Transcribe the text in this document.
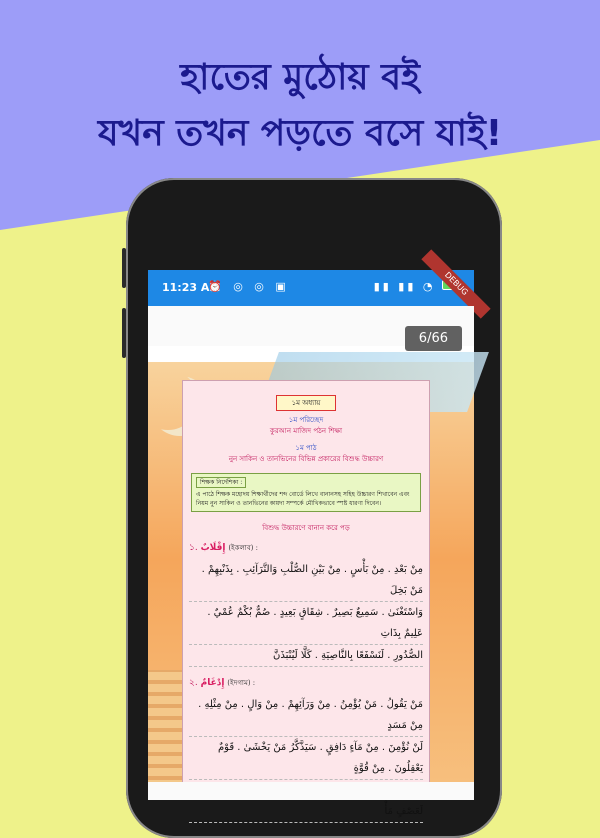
হাতের মুঠোয় বই
যখন তখন পড়তে বসে যাই!
11:23 AM
⏰ ◎ ◎ ▣	▮▮ ▮▮ ◔ DEBUG
6/66
১ম অধ্যায়
১ম পরিচ্ছেদ
কুরআন মাজিদ পঠন শিক্ষা
১ম পাঠ
নুন সাকিন ও তানভিনের বিভিন্ন প্রকারের বিশুদ্ধ উচ্চারণ
শিক্ষক নির্দেশিকা :
এ পাঠে শিক্ষক মহোদয় শিক্ষার্থীদের শব্দ বোর্ডে লিখে বানানসহ সহিহ উচ্চারণ শিখাবেন এবং নিয়ম নুন সাকিন ও তানভিনের কায়দা সম্পর্কে মৌখিকভাবে স্পষ্ট ধারণা দিবেন।
বিশুদ্ধ উচ্চারণে বানান করে পড়
১. إِقْلَابٌ (ইকলাব) :
مِنْ بَعْدِ . مِنْ بَأْسٍ . مِنْ بَيْنِ الصُّلْبِ وَالتَّرَآئِبِ . بِذَنْبِهِمْ . مَنْ بَخِلَ
وَاسْتَغْنَىٰ . سَمِيعٌ بَصِيرٌ . شِقَاقٍ بَعِيدٍ . صُمٌّ بُكْمٌ عُمْيٌ . عَلِيمٌ بِذَاتِ
الصُّدُورِ . لَنَسْفَعًا بِالنَّاصِيَةِ . كَلَّا لَيُنْبَذَنَّ
২. إِدْغَامٌ (ইদগাম) :
مَنْ يَقُولُ . مَنْ يُؤْمِنُ . مِنْ وَرَآئِهِمْ . مِنْ وَالٍ . مِنْ مِثْلِهِ . مِنْ مَسَدٍ
لَنْ نُؤْمِنَ . مِنْ مَآءٍ دَافِقٍ . سَيَذَّكَّرُ مَنْ يَخْشَىٰ . قَوْمٌ يَعْقِلُونَ . مِنْ قُوَّةٍ
لَعَصْفٍ مَأْ
